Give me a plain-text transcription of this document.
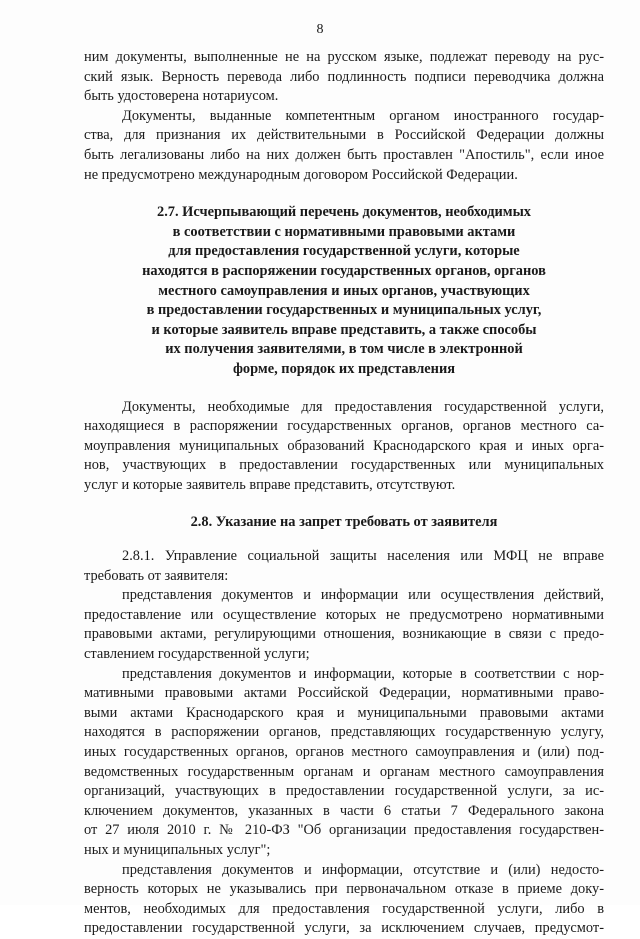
8
ним документы, выполненные не на русском языке, подлежат переводу на рус-
ский язык. Верность перевода либо подлинность подписи переводчика должна
быть удостоверена нотариусом.
Документы, выданные компетентным органом иностранного государ-
ства, для признания их действительными в Российской Федерации должны
быть легализованы либо на них должен быть проставлен "Апостиль", если иное
не предусмотрено международным договором Российской Федерации.
2.7. Исчерпывающий перечень документов, необходимых
в соответствии с нормативными правовыми актами
для предоставления государственной услуги, которые
находятся в распоряжении государственных органов, органов
местного самоуправления и иных органов, участвующих
в предоставлении государственных и муниципальных услуг,
и которые заявитель вправе представить, а также способы
их получения заявителями, в том числе в электронной
форме, порядок их представления
Документы, необходимые для предоставления государственной услуги,
находящиеся в распоряжении государственных органов, органов местного са-
моуправления муниципальных образований Краснодарского края и иных орга-
нов, участвующих в предоставлении государственных или муниципальных
услуг и которые заявитель вправе представить, отсутствуют.
2.8. Указание на запрет требовать от заявителя
2.8.1. Управление социальной защиты населения или МФЦ не вправе
требовать от заявителя:
представления документов и информации или осуществления действий,
предоставление или осуществление которых не предусмотрено нормативными
правовыми актами, регулирующими отношения, возникающие в связи с предо-
ставлением государственной услуги;
представления документов и информации, которые в соответствии с нор-
мативными правовыми актами Российской Федерации, нормативными право-
выми актами Краснодарского края и муниципальными правовыми актами
находятся в распоряжении органов, представляющих государственную услугу,
иных государственных органов, органов местного самоуправления и (или) под-
ведомственных государственным органам и органам местного самоуправления
организаций, участвующих в предоставлении государственной услуги, за ис-
ключением документов, указанных в части 6 статьи 7 Федерального закона
от 27 июля 2010 г. № 210-ФЗ "Об организации предоставления государствен-
ных и муниципальных услуг";
представления документов и информации, отсутствие и (или) недосто-
верность которых не указывались при первоначальном отказе в приеме доку-
ментов, необходимых для предоставления государственной услуги, либо в
предоставлении государственной услуги, за исключением случаев, предусмот-
